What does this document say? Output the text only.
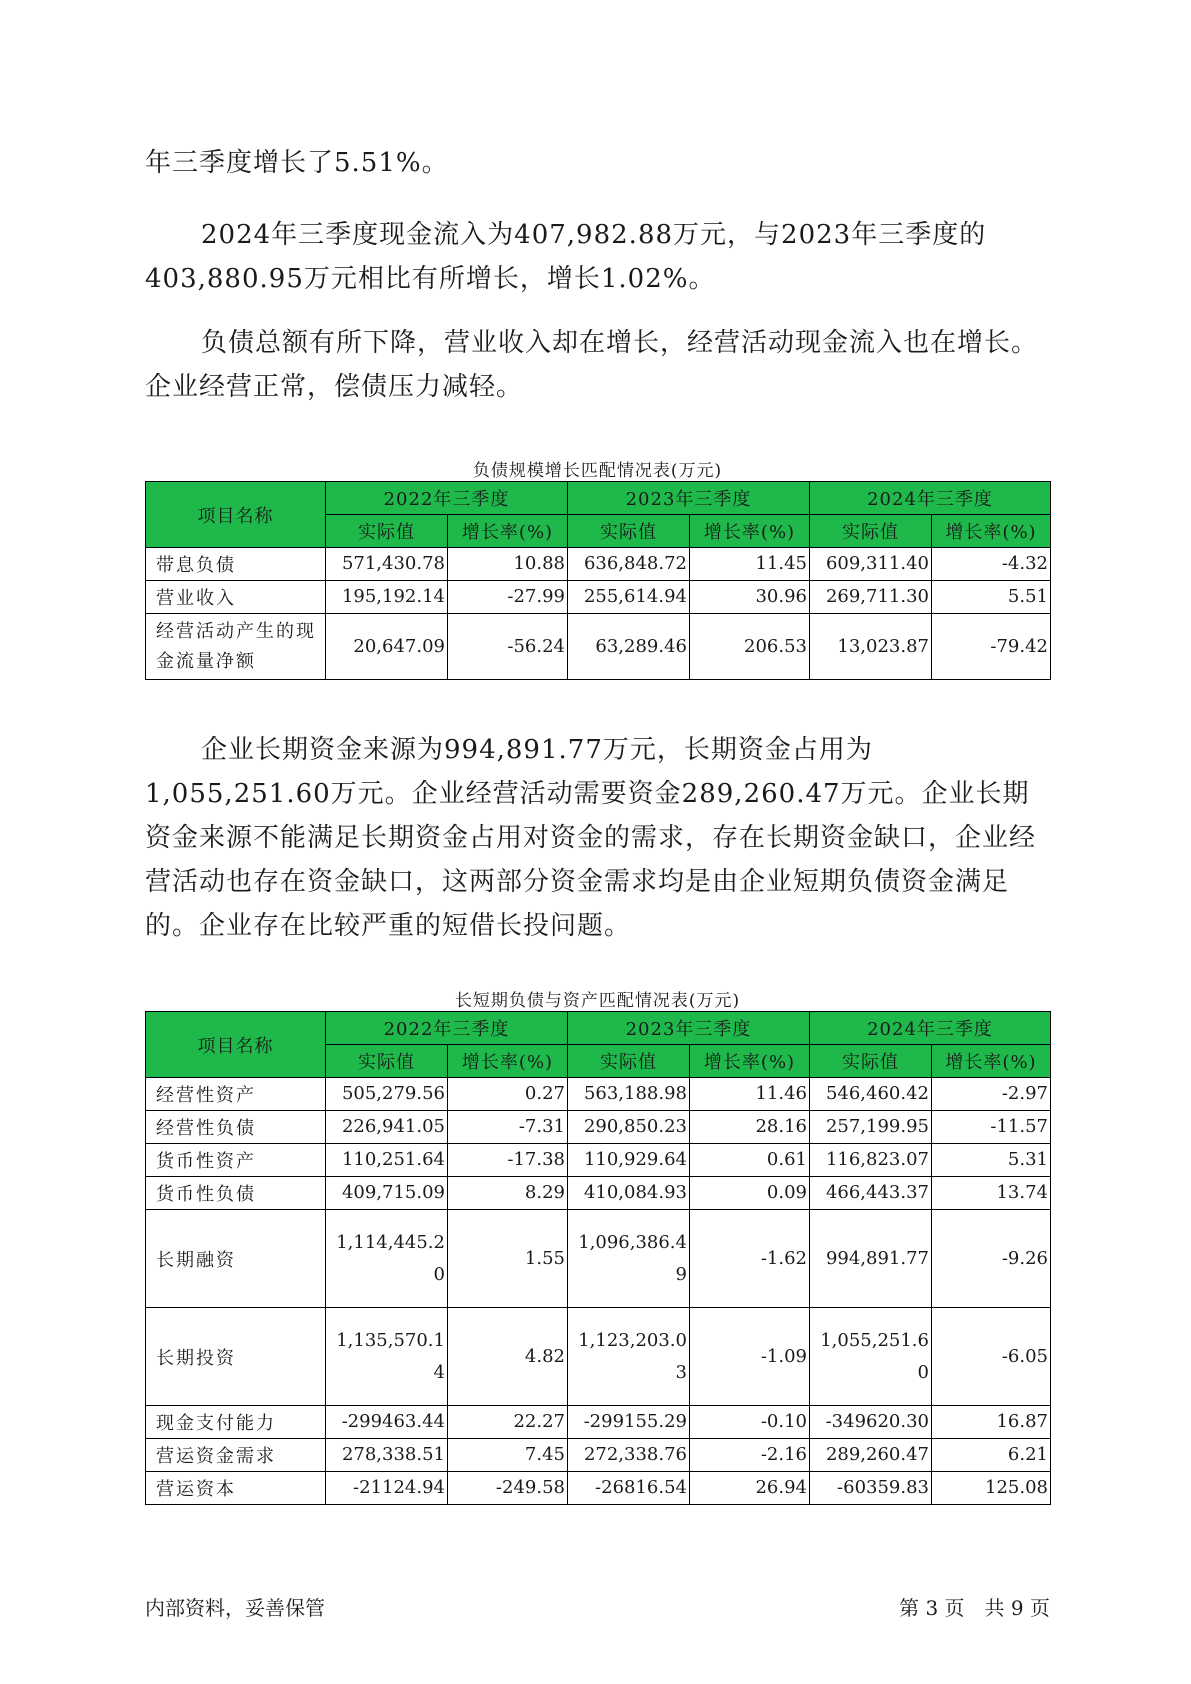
年三季度增长了5.51%。

2024年三季度现金流入为407,982.88万元，与2023年三季度的403,880.95万元相比有所增长，增长1.02%。

负债总额有所下降，营业收入却在增长，经营活动现金流入也在增长。企业经营正常，偿债压力减轻。

负债规模增长匹配情况表(万元)
项目名称	2022年三季度		2023年三季度		2024年三季度	
	实际值	增长率(%)	实际值	增长率(%)	实际值	增长率(%)
带息负债	571,430.78	10.88	636,848.72	11.45	609,311.40	-4.32
营业收入	195,192.14	-27.99	255,614.94	30.96	269,711.30	5.51
经营活动产生的现金流量净额	20,647.09	-56.24	63,289.46	206.53	13,023.87	-79.42

企业长期资金来源为994,891.77万元，长期资金占用为1,055,251.60万元。企业经营活动需要资金289,260.47万元。企业长期资金来源不能满足长期资金占用对资金的需求，存在长期资金缺口，企业经营活动也存在资金缺口，这两部分资金需求均是由企业短期负债资金满足的。企业存在比较严重的短借长投问题。

长短期负债与资产匹配情况表(万元)
项目名称	2022年三季度		2023年三季度		2024年三季度	
	实际值	增长率(%)	实际值	增长率(%)	实际值	增长率(%)
经营性资产	505,279.56	0.27	563,188.98	11.46	546,460.42	-2.97
经营性负债	226,941.05	-7.31	290,850.23	28.16	257,199.95	-11.57
货币性资产	110,251.64	-17.38	110,929.64	0.61	116,823.07	5.31
货币性负债	409,715.09	8.29	410,084.93	0.09	466,443.37	13.74
长期融资	1,114,445.20	1.55	1,096,386.49	-1.62	994,891.77	-9.26
长期投资	1,135,570.14	4.82	1,123,203.03	-1.09	1,055,251.60	-6.05
现金支付能力	-299463.44	22.27	-299155.29	-0.10	-349620.30	16.87
营运资金需求	278,338.51	7.45	272,338.76	-2.16	289,260.47	6.21
营运资本	-21124.94	-249.58	-26816.54	26.94	-60359.83	125.08
内部资料，妥善保管	第 3 页　共 9 页
